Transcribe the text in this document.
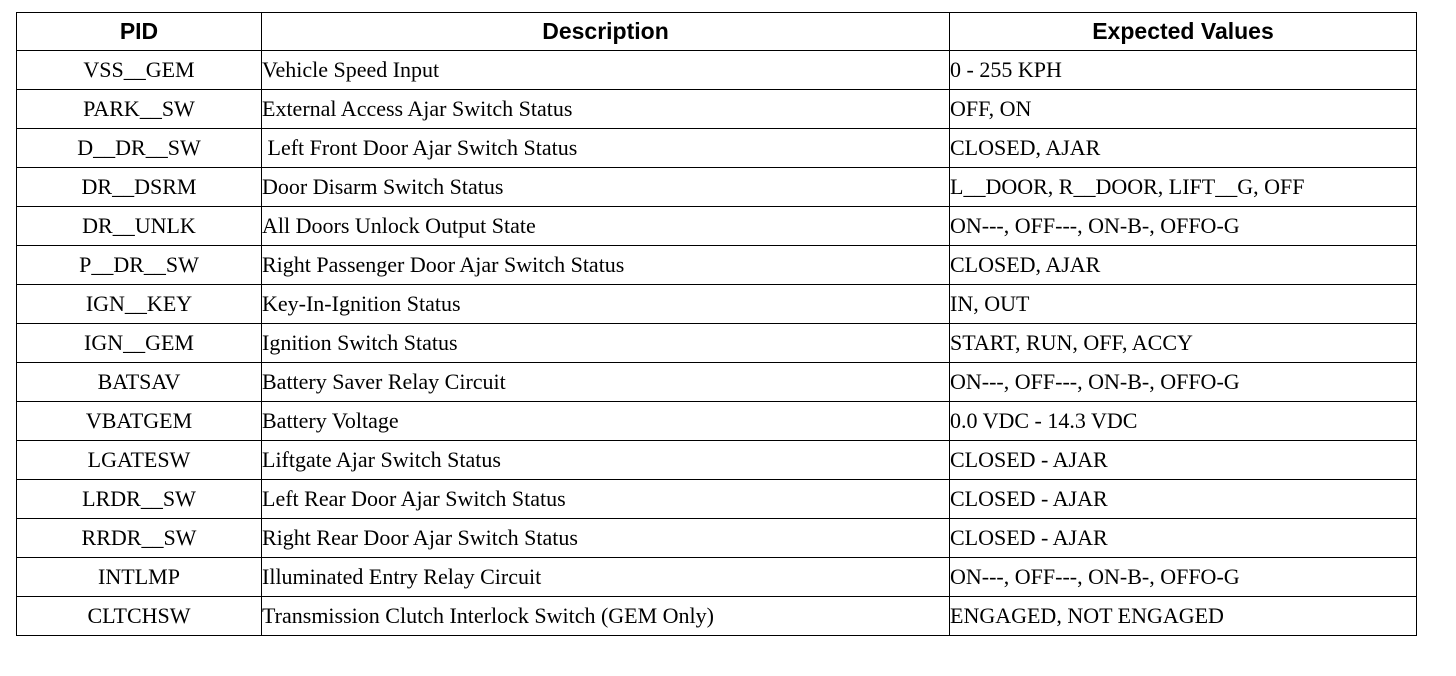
PID	Description	Expected Values
VSS__GEM	Vehicle Speed Input	0 - 255 KPH
PARK__SW	External Access Ajar Switch Status	OFF, ON
D__DR__SW	Left Front Door Ajar Switch Status	CLOSED, AJAR
DR__DSRM	Door Disarm Switch Status	L__DOOR, R__DOOR, LIFT__G, OFF
DR__UNLK	All Doors Unlock Output State	ON---, OFF---, ON-B-, OFFO-G
P__DR__SW	Right Passenger Door Ajar Switch Status	CLOSED, AJAR
IGN__KEY	Key-In-Ignition Status	IN, OUT
IGN__GEM	Ignition Switch Status	START, RUN, OFF, ACCY
BATSAV	Battery Saver Relay Circuit	ON---, OFF---, ON-B-, OFFO-G
VBATGEM	Battery Voltage	0.0 VDC - 14.3 VDC
LGATESW	Liftgate Ajar Switch Status	CLOSED - AJAR
LRDR__SW	Left Rear Door Ajar Switch Status	CLOSED - AJAR
RRDR__SW	Right Rear Door Ajar Switch Status	CLOSED - AJAR
INTLMP	Illuminated Entry Relay Circuit	ON---, OFF---, ON-B-, OFFO-G
CLTCHSW	Transmission Clutch Interlock Switch (GEM Only)	ENGAGED, NOT ENGAGED
